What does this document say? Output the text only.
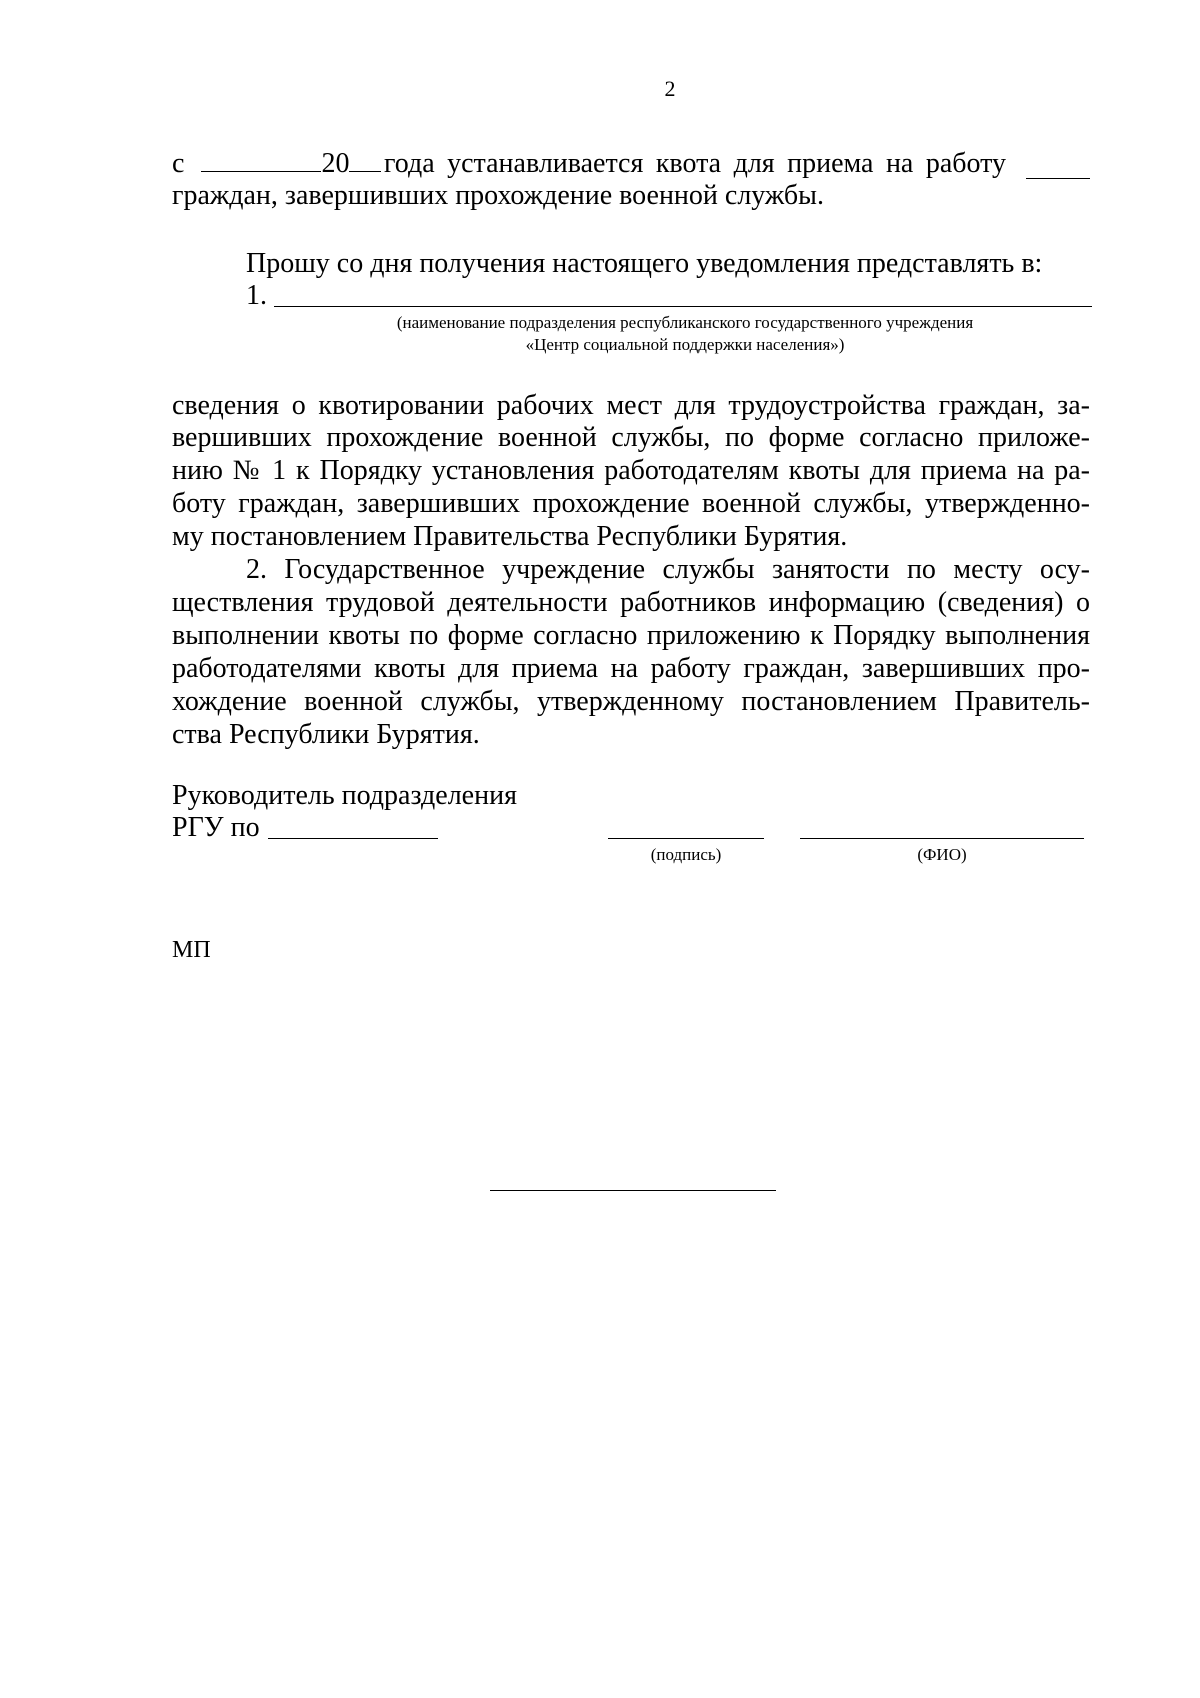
2
с	20	года устанавливается квота для приема на работу
граждан, завершивших прохождение военной службы.
Прошу со дня получения настоящего уведомления представлять в:
1.
(наименование подразделения республиканского государственного учреждения
«Центр социальной поддержки населения»)
сведения о квотировании рабочих мест для трудоустройства граждан, за-
вершивших прохождение военной службы, по форме согласно приложе-
нию № 1 к Порядку установления работодателям квоты для приема на ра-
боту граждан, завершивших прохождение военной службы, утвержденно-
му постановлением Правительства Республики Бурятия.
2. Государственное учреждение службы занятости по месту осу-
ществления трудовой деятельности работников информацию (сведения) о
выполнении квоты по форме согласно приложению к Порядку выполнения
работодателями квоты для приема на работу граждан, завершивших про-
хождение военной службы, утвержденному постановлением Правитель-
ства Республики Бурятия.
Руководитель подразделения
РГУ по
(подпись)	(ФИО)
МП
